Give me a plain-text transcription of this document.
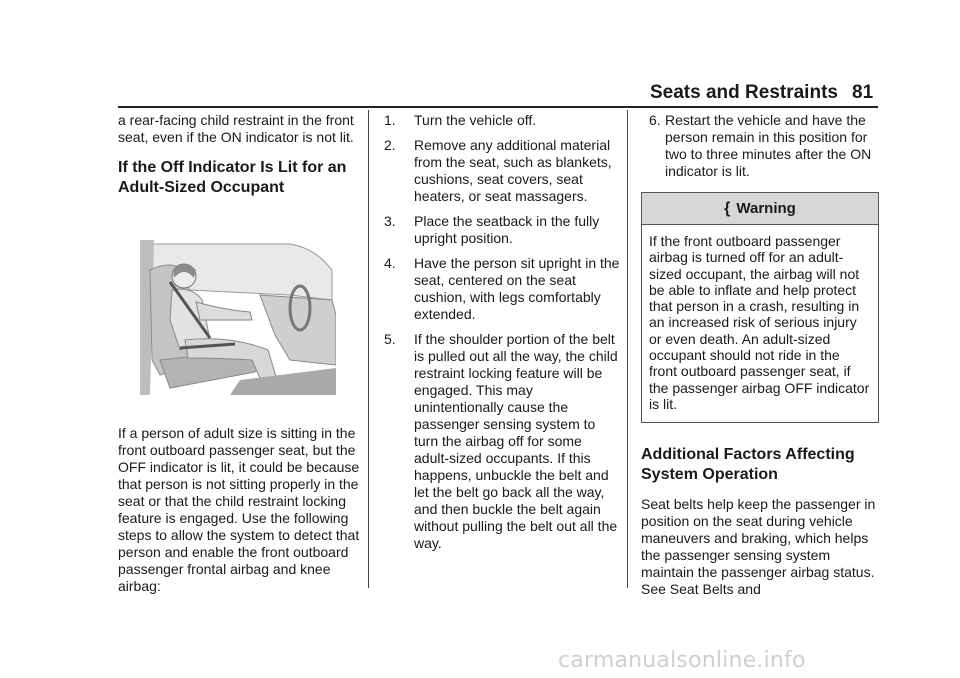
Seats and Restraints 81

a rear-facing child restraint in the front seat, even if the ON indicator is not lit.

If the Off Indicator Is Lit for an Adult-Sized Occupant

If a person of adult size is sitting in the front outboard passenger seat, but the OFF indicator is lit, it could be because that person is not sitting properly in the seat or that the child restraint locking feature is engaged. Use the following steps to allow the system to detect that person and enable the front outboard passenger frontal airbag and knee airbag:

1. Turn the vehicle off.
2. Remove any additional material from the seat, such as blankets, cushions, seat covers, seat heaters, or seat massagers.
3. Place the seatback in the fully upright position.
4. Have the person sit upright in the seat, centered on the seat cushion, with legs comfortably extended.
5. If the shoulder portion of the belt is pulled out all the way, the child restraint locking feature will be engaged. This may unintentionally cause the passenger sensing system to turn the airbag off for some adult-sized occupants. If this happens, unbuckle the belt and let the belt go back all the way, and then buckle the belt again without pulling the belt out all the way.
6. Restart the vehicle and have the person remain in this position for two to three minutes after the ON indicator is lit.
{ Warning
If the front outboard passenger airbag is turned off for an adult-sized occupant, the airbag will not be able to inflate and help protect that person in a crash, resulting in an increased risk of serious injury or even death. An adult-sized occupant should not ride in the front outboard passenger seat, if the passenger airbag OFF indicator is lit.
Additional Factors Affecting System Operation

Seat belts help keep the passenger in position on the seat during vehicle maneuvers and braking, which helps the passenger sensing system maintain the passenger airbag status. See Seat Belts and

carmanualsonline.info
